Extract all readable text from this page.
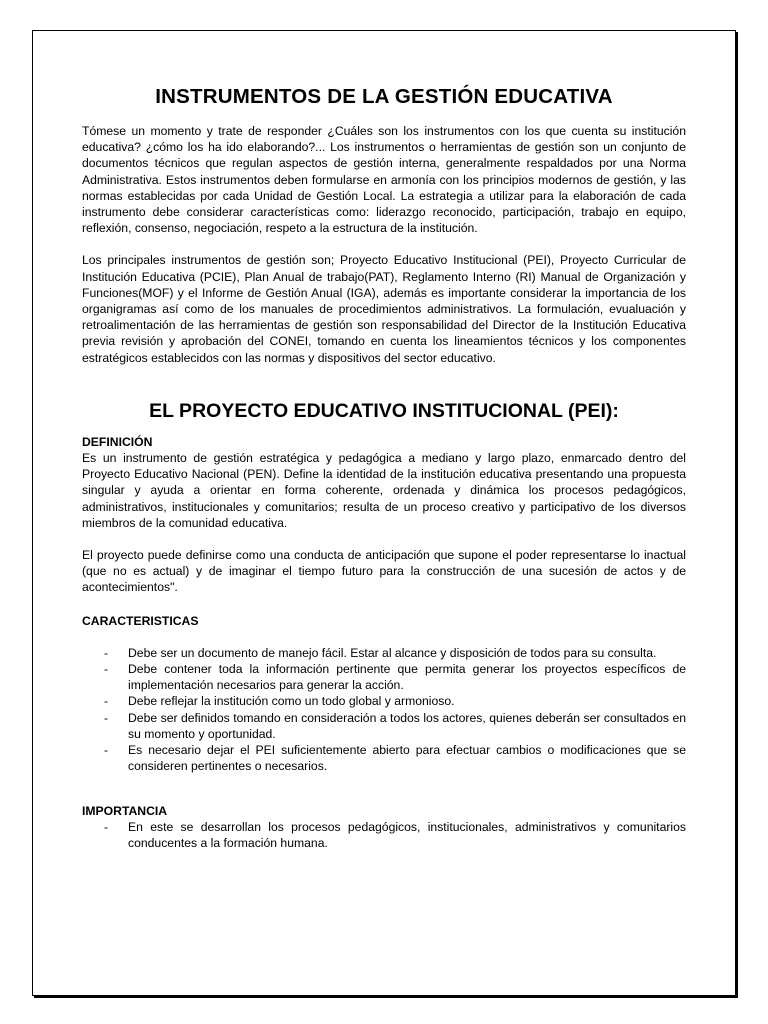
INSTRUMENTOS DE LA GESTIÓN EDUCATIVA

Tómese un momento y trate de responder ¿Cuáles son los instrumentos con los que cuenta su institución educativa? ¿cómo los ha ido elaborando?... Los instrumentos o herramientas de gestión son un conjunto de documentos técnicos que regulan aspectos de gestión interna, generalmente respaldados por una Norma Administrativa. Estos instrumentos deben formularse en armonía con los principios modernos de gestión, y las normas establecidas por cada Unidad de Gestión Local. La estrategia a utilizar para la elaboración de cada instrumento debe considerar características como: liderazgo reconocido, participación, trabajo en equipo, reflexión, consenso, negociación, respeto a la estructura de la institución.

Los principales instrumentos de gestión son; Proyecto Educativo Institucional (PEI), Proyecto Curricular de Institución Educativa (PCIE), Plan Anual de trabajo(PAT), Reglamento Interno (RI) Manual de Organización y Funciones(MOF) y el Informe de Gestión Anual (IGA), además es importante considerar la importancia de los organigramas así como de los manuales de procedimientos administrativos. La formulación, evualuación y retroalimentación de las herramientas de gestión son responsabilidad del Director de la Institución Educativa previa revisión y aprobación del CONEI, tomando en cuenta los lineamientos técnicos y los componentes estratégicos establecidos con las normas y dispositivos del sector educativo.

EL PROYECTO EDUCATIVO INSTITUCIONAL (PEI):
DEFINICIÓN

Es un instrumento de gestión estratégica y pedagógica a mediano y largo plazo, enmarcado dentro del Proyecto Educativo Nacional (PEN). Define la identidad de la institución educativa presentando una propuesta singular y ayuda a orientar en forma coherente, ordenada y dinámica los procesos pedagógicos, administrativos, institucionales y comunitarios; resulta de un proceso creativo y participativo de los diversos miembros de la comunidad educativa.

El proyecto puede definirse como una conducta de anticipación que supone el poder representarse lo inactual (que no es actual) y de imaginar el tiempo futuro para la construcción de una sucesión de actos y de acontecimientos".

CARACTERISTICAS
- Debe ser un documento de manejo fácil. Estar al alcance y disposición de todos para su consulta.
- Debe contener toda la información pertinente que permita generar los proyectos específicos de implementación necesarios para generar la acción.
- Debe reflejar la institución como un todo global y armonioso.
- Debe ser definidos tomando en consideración a todos los actores, quienes deberán ser consultados en su momento y oportunidad.
- Es necesario dejar el PEI suficientemente abierto para efectuar cambios o modificaciones que se consideren pertinentes o necesarios.
IMPORTANCIA
- En este se desarrollan los procesos pedagógicos, institucionales, administrativos y comunitarios conducentes a la formación humana.
